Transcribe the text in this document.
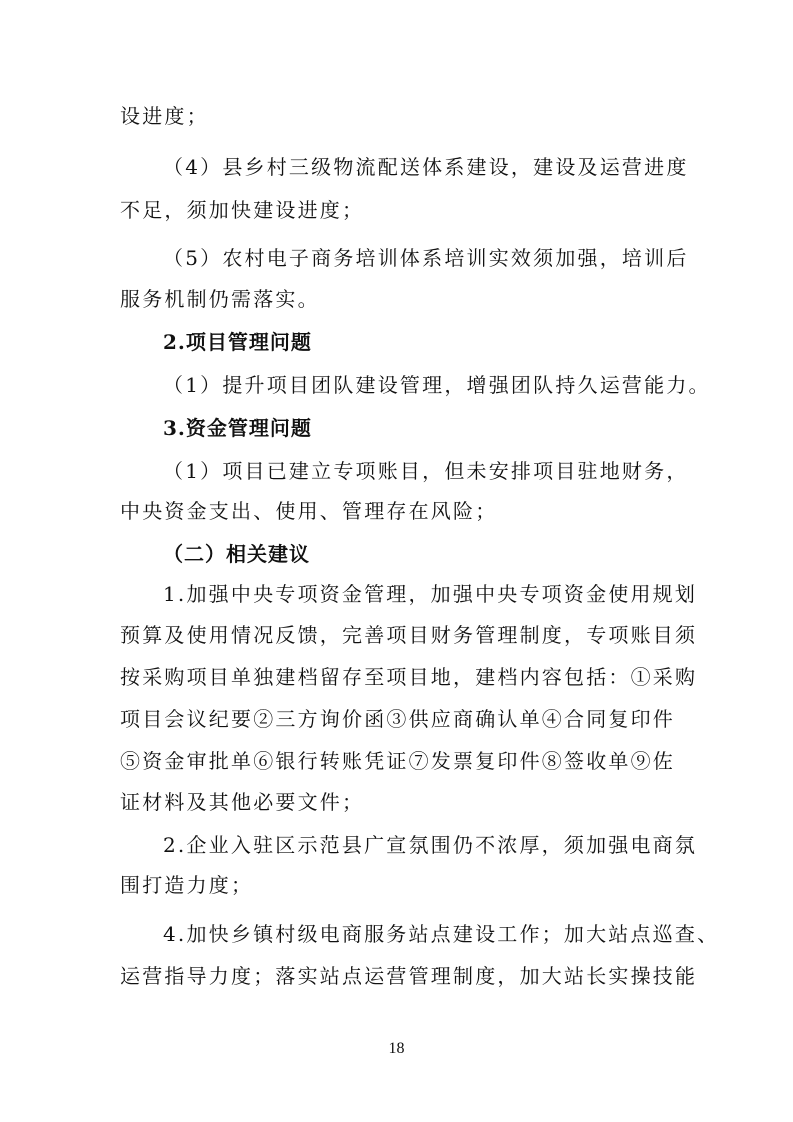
设进度；
（4）县乡村三级物流配送体系建设，建设及运营进度
不足，须加快建设进度；
（5）农村电子商务培训体系培训实效须加强，培训后
服务机制仍需落实。
2.项目管理问题
（1）提升项目团队建设管理，增强团队持久运营能力。
3.资金管理问题
（1）项目已建立专项账目，但未安排项目驻地财务，
中央资金支出、使用、管理存在风险；
（二）相关建议
1.加强中央专项资金管理，加强中央专项资金使用规划
预算及使用情况反馈，完善项目财务管理制度，专项账目须
按采购项目单独建档留存至项目地，建档内容包括：①采购
项目会议纪要②三方询价函③供应商确认单④合同复印件
⑤资金审批单⑥银行转账凭证⑦发票复印件⑧签收单⑨佐
证材料及其他必要文件；
2.企业入驻区示范县广宣氛围仍不浓厚，须加强电商氛
围打造力度；
4.加快乡镇村级电商服务站点建设工作；加大站点巡查、
运营指导力度；落实站点运营管理制度，加大站长实操技能
18
